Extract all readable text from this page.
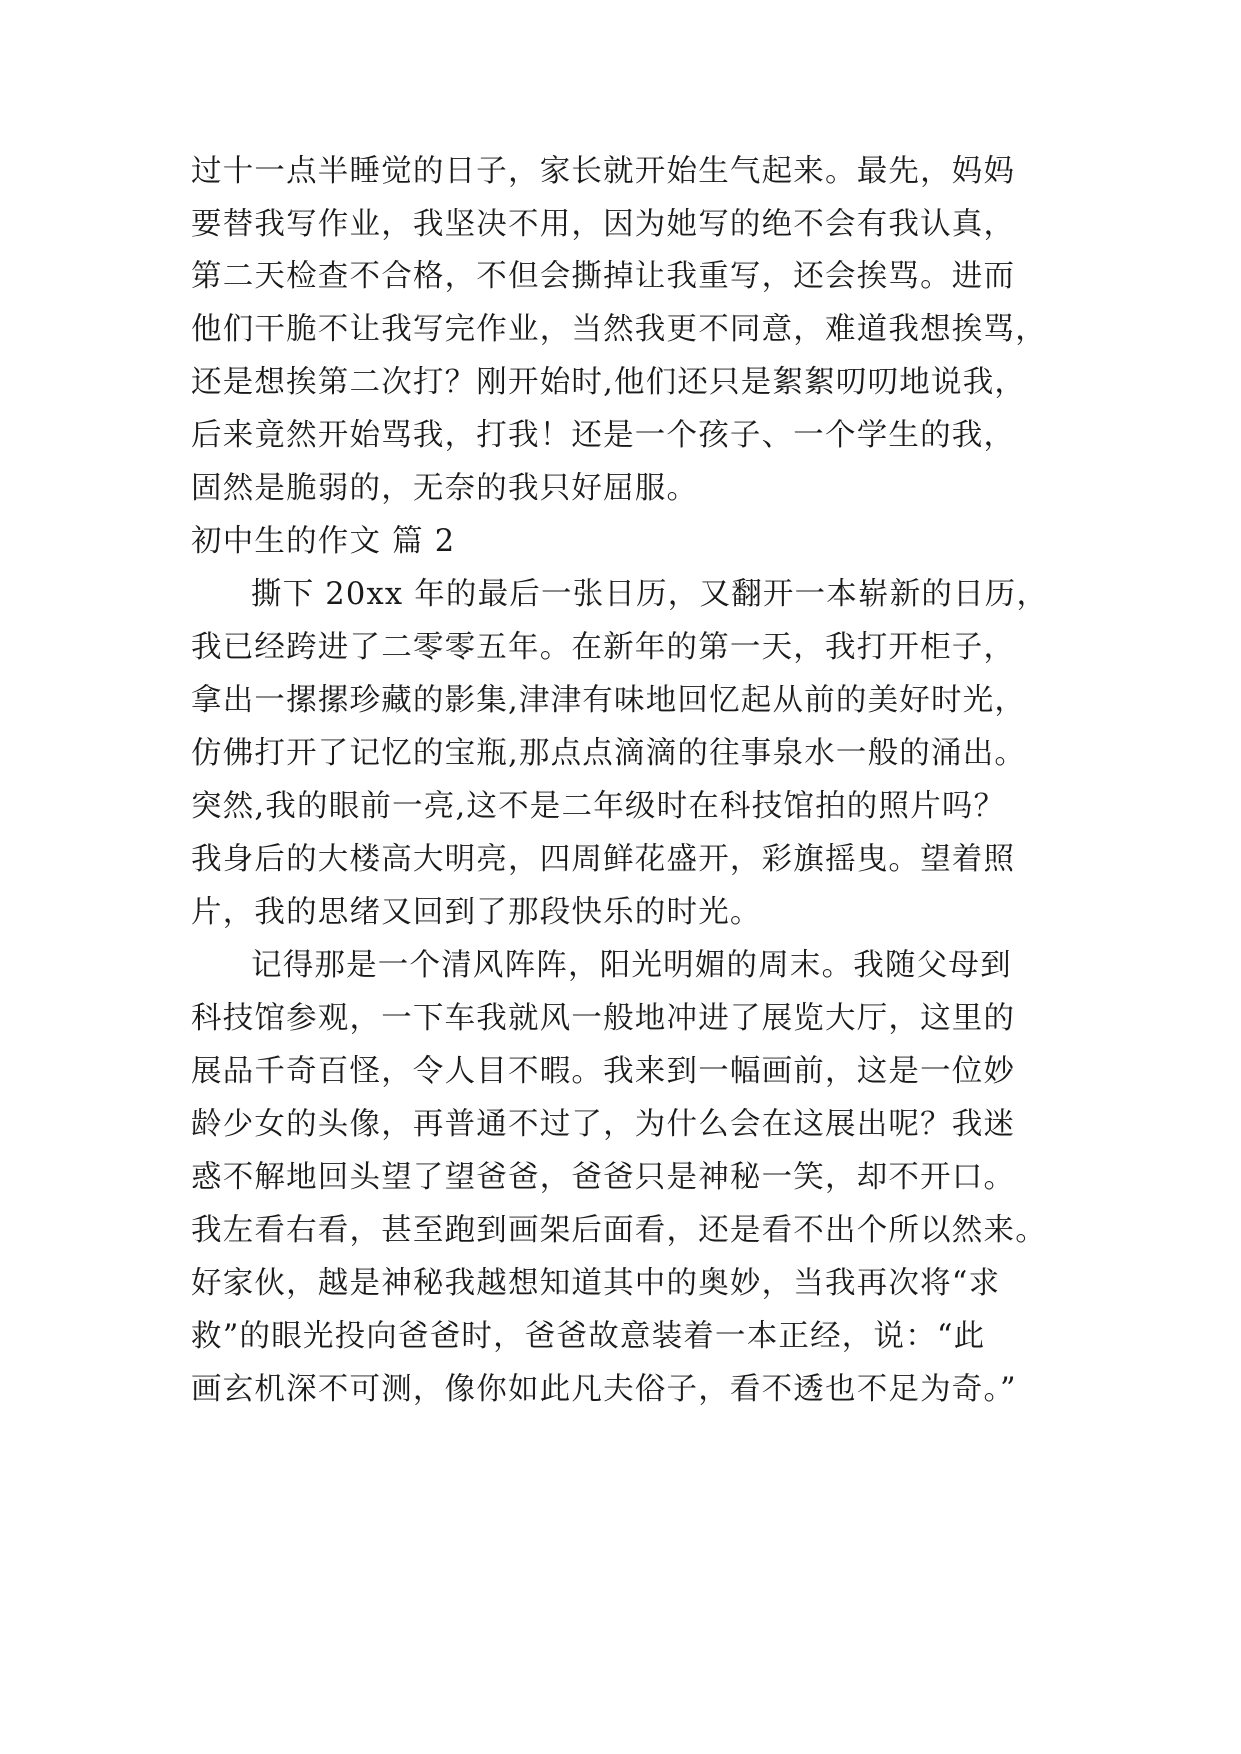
过十一点半睡觉的日子，家长就开始生气起来。最先，妈妈
要替我写作业，我坚决不用，因为她写的绝不会有我认真，
第二天检查不合格，不但会撕掉让我重写，还会挨骂。进而
他们干脆不让我写完作业，当然我更不同意，难道我想挨骂，
还是想挨第二次打？刚开始时,他们还只是絮絮叨叨地说我，
后来竟然开始骂我，打我！还是一个孩子、一个学生的我，
固然是脆弱的，无奈的我只好屈服。
初中生的作文 篇 2
撕下 20xx 年的最后一张日历，又翻开一本崭新的日历，
我已经跨进了二零零五年。在新年的第一天，我打开柜子，
拿出一摞摞珍藏的影集,津津有味地回忆起从前的美好时光，
仿佛打开了记忆的宝瓶,那点点滴滴的往事泉水一般的涌出。
突然,我的眼前一亮,这不是二年级时在科技馆拍的照片吗？
我身后的大楼高大明亮，四周鲜花盛开，彩旗摇曳。望着照
片，我的思绪又回到了那段快乐的时光。
记得那是一个清风阵阵，阳光明媚的周末。我随父母到
科技馆参观，一下车我就风一般地冲进了展览大厅，这里的
展品千奇百怪，令人目不暇。我来到一幅画前，这是一位妙
龄少女的头像，再普通不过了，为什么会在这展出呢？我迷
惑不解地回头望了望爸爸，爸爸只是神秘一笑，却不开口。
我左看右看，甚至跑到画架后面看，还是看不出个所以然来。
好家伙，越是神秘我越想知道其中的奥妙，当我再次将“求
救”的眼光投向爸爸时，爸爸故意装着一本正经，说：“此
画玄机深不可测，像你如此凡夫俗子，看不透也不足为奇。”
